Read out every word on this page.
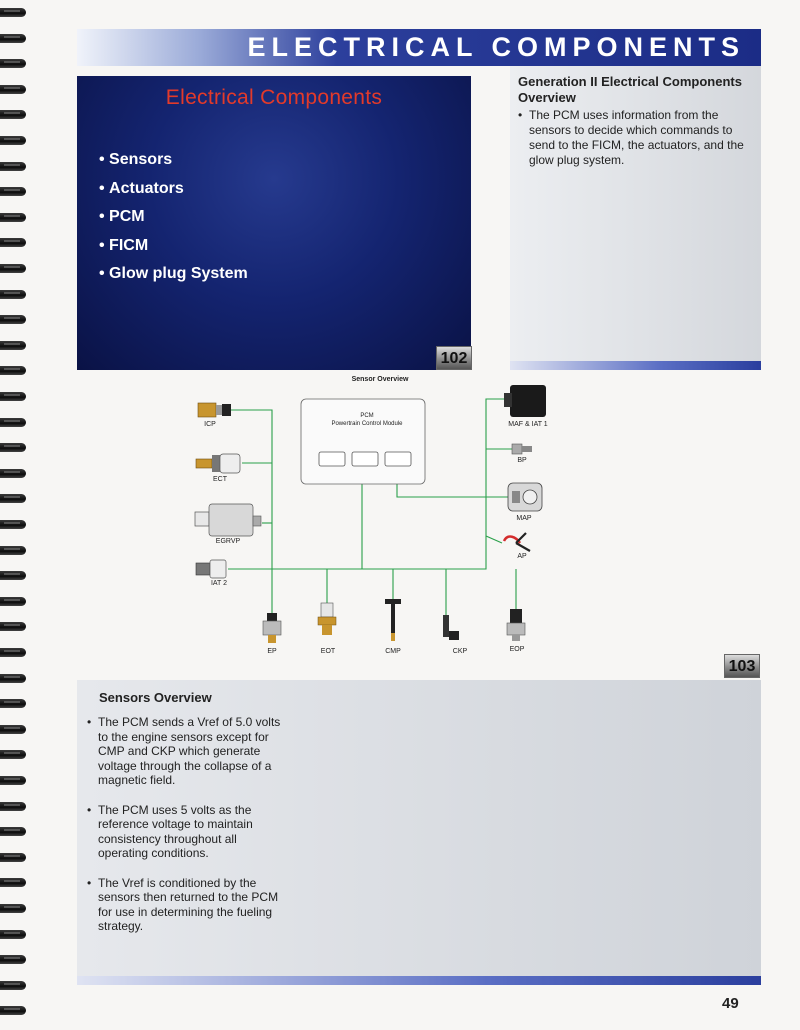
ELECTRICAL COMPONENTS
Electrical Components
• Sensors
• Actuators
• PCM
• FICM
• Glow plug System
102
Generation II Electrical Components Overview
• The PCM uses information from the sensors to decide which commands to send to the FICM, the actuators, and the glow plug system.
Sensor Overview
PCM
Powertrain Control Module
ICP
ECT
EGRVP
IAT 2
EP	EOT	CMP	CKP	EOP
MAF & IAT 1
BP
MAP
AP
103
Sensors Overview
• The PCM sends a Vref of 5.0 volts to the engine sensors except for CMP and CKP which generate voltage through the collapse of a magnetic field.
• The PCM uses 5 volts as the reference voltage to maintain consistency throughout all operating conditions.
• The Vref is conditioned by the sensors then returned to the PCM for use in determining the fueling strategy.
49
